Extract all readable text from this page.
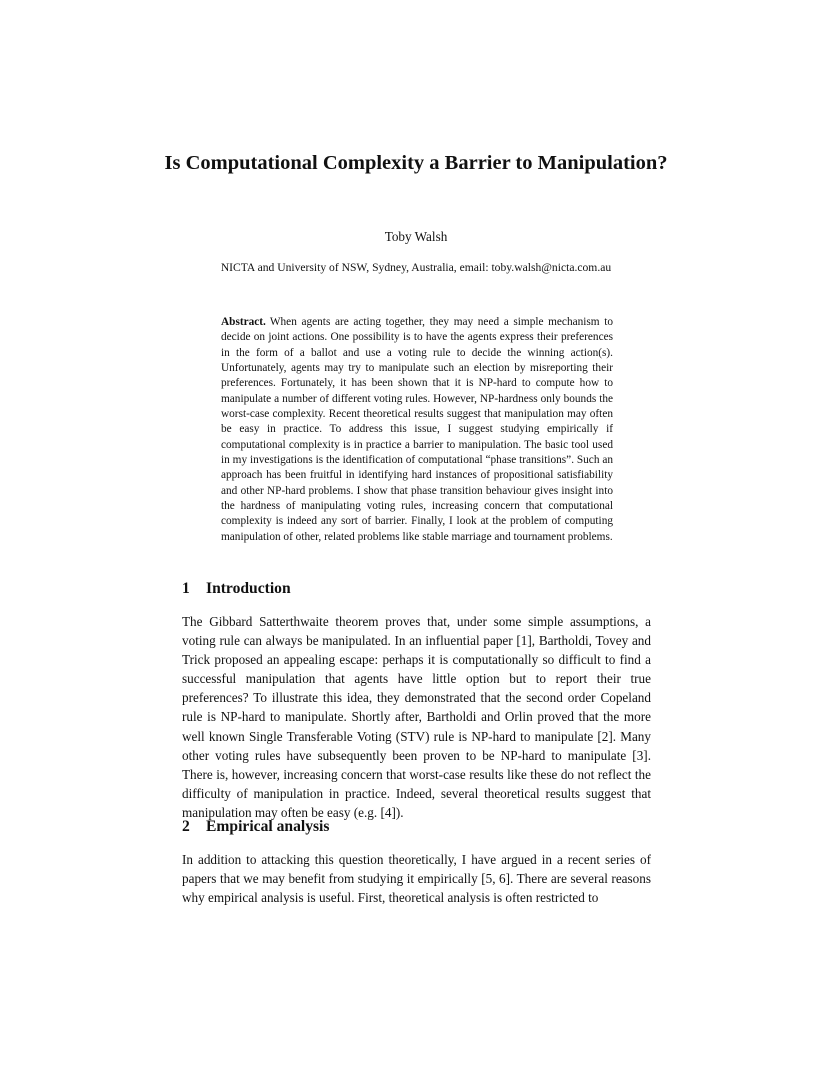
Is Computational Complexity a Barrier to Manipulation?
Toby Walsh
NICTA and University of NSW, Sydney, Australia, email: toby.walsh@nicta.com.au

Abstract. When agents are acting together, they may need a simple mechanism to decide on joint actions. One possibility is to have the agents express their preferences in the form of a ballot and use a voting rule to decide the winning action(s). Unfortunately, agents may try to manipulate such an election by misreporting their preferences. Fortunately, it has been shown that it is NP-hard to compute how to manipulate a number of different voting rules. However, NP-hardness only bounds the worst-case complexity. Recent theoretical results suggest that manipulation may often be easy in practice. To address this issue, I suggest studying empirically if computational complexity is in practice a barrier to manipulation. The basic tool used in my investigations is the identification of computational “phase transitions”. Such an approach has been fruitful in identifying hard instances of propositional satisfiability and other NP-hard problems. I show that phase transition behaviour gives insight into the hardness of manipulating voting rules, increasing concern that computational complexity is indeed any sort of barrier. Finally, I look at the problem of computing manipulation of other, related problems like stable marriage and tournament problems.

1 Introduction

The Gibbard Satterthwaite theorem proves that, under some simple assumptions, a voting rule can always be manipulated. In an influential paper [1], Bartholdi, Tovey and Trick proposed an appealing escape: perhaps it is computationally so difficult to find a successful manipulation that agents have little option but to report their true preferences? To illustrate this idea, they demonstrated that the second order Copeland rule is NP-hard to manipulate. Shortly after, Bartholdi and Orlin proved that the more well known Single Transferable Voting (STV) rule is NP-hard to manipulate [2]. Many other voting rules have subsequently been proven to be NP-hard to manipulate [3]. There is, however, increasing concern that worst-case results like these do not reflect the difficulty of manipulation in practice. Indeed, several theoretical results suggest that manipulation may often be easy (e.g. [4]).

2 Empirical analysis

In addition to attacking this question theoretically, I have argued in a recent series of papers that we may benefit from studying it empirically [5, 6]. There are several reasons why empirical analysis is useful. First, theoretical analysis is often restricted to
